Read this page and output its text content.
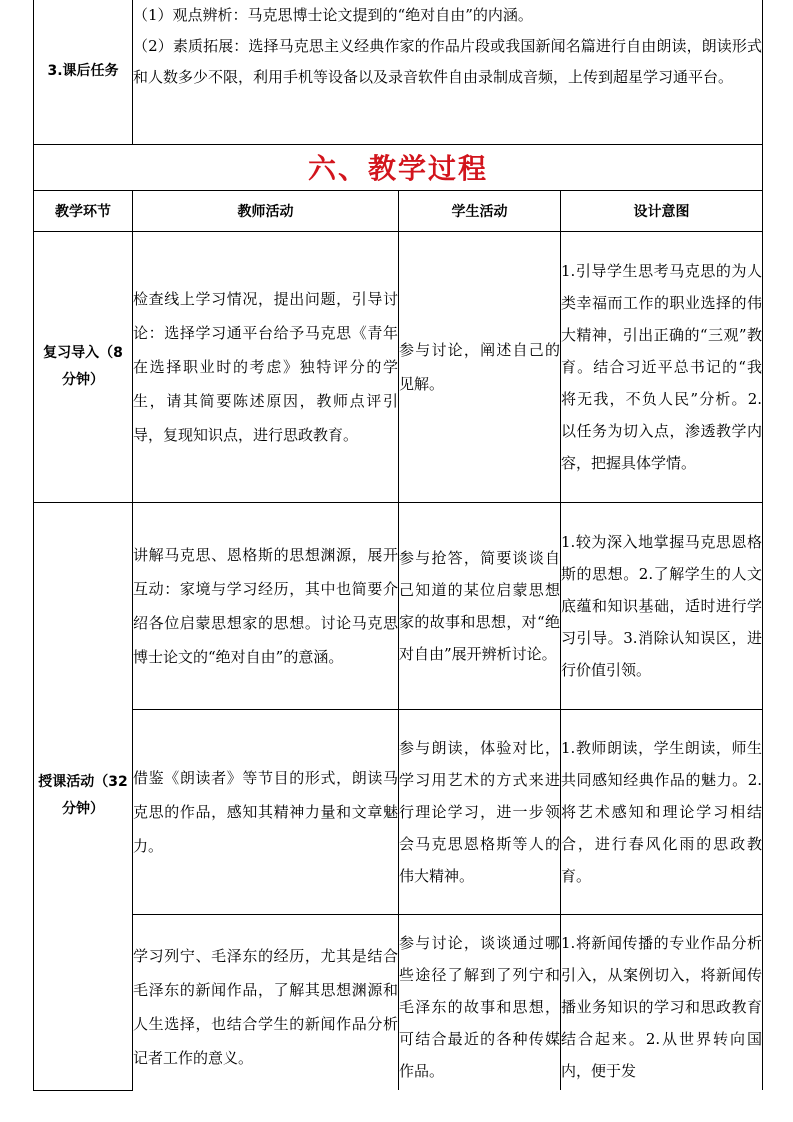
3.课后任务	（1）观点辨析：马克思博士论文提到的“绝对自由”的内涵。

（2）素质拓展：选择马克思主义经典作家的作品片段或我国新闻名篇进行自由朗读，朗读形式和人数多少不限，利用手机等设备以及录音软件自由录制成音频，上传到超星学习通平台。		

六、教学过程			
教学环节	教师活动	学生活动	设计意图
复习导入（8分钟）	检查线上学习情况，提出问题，引导讨论：选择学习通平台给予马克思《青年在选择职业时的考虑》独特评分的学生，请其简要陈述原因，教师点评引导，复现知识点，进行思政教育。	参与讨论，阐述自己的见解。	1.引导学生思考马克思的为人类幸福而工作的职业选择的伟大精神，引出正确的“三观”教育。结合习近平总书记的“我将无我，不负人民”分析。2.以任务为切入点，渗透教学内容，把握具体学情。
授课活动（32分钟）	讲解马克思、恩格斯的思想渊源，展开互动：家境与学习经历，其中也简要介绍各位启蒙思想家的思想。讨论马克思博士论文的“绝对自由”的意涵。	参与抢答，简要谈谈自己知道的某位启蒙思想家的故事和思想，对“绝对自由”展开辨析讨论。	1.较为深入地掌握马克思恩格斯的思想。2.了解学生的人文底蕴和知识基础，适时进行学习引导。3.消除认知误区，进行价值引领。
	借鉴《朗读者》等节目的形式，朗读马克思的作品，感知其精神力量和文章魅力。	参与朗读，体验对比，学习用艺术的方式来进行理论学习，进一步领会马克思恩格斯等人的伟大精神。	1.教师朗读，学生朗读，师生共同感知经典作品的魅力。2.将艺术感知和理论学习相结合，进行春风化雨的思政教育。
	学习列宁、毛泽东的经历，尤其是结合毛泽东的新闻作品，了解其思想渊源和人生选择，也结合学生的新闻作品分析记者工作的意义。	参与讨论，谈谈通过哪些途径了解到了列宁和毛泽东的故事和思想，可结合最近的各种传媒作品。	1.将新闻传播的专业作品分析引入，从案例切入，将新闻传播业务知识的学习和思政教育结合起来。2.从世界转向国内，便于发
